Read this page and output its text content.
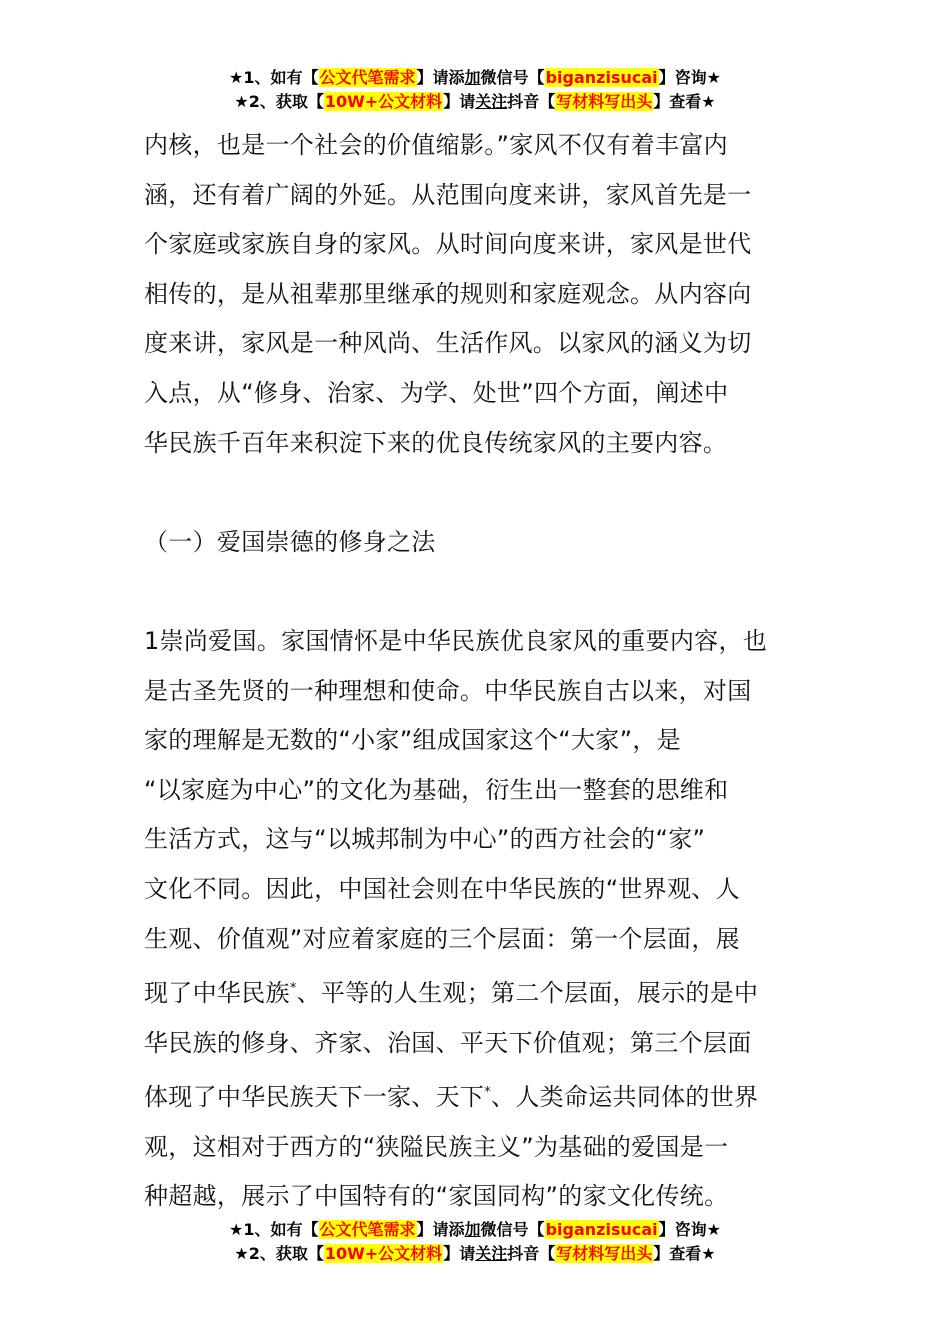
★1、如有【公文代笔需求】请添加微信号【biganzisucai】咨询★
★2、获取【10W+公文材料】请关注抖音【写材料写出头】查看★

内核，也是一个社会的价值缩影。”家风不仅有着丰富内

涵，还有着广阔的外延。从范围向度来讲，家风首先是一

个家庭或家族自身的家风。从时间向度来讲，家风是世代

相传的，是从祖辈那里继承的规则和家庭观念。从内容向

度来讲，家风是一种风尚、生活作风。以家风的涵义为切

入点，从“修身、治家、为学、处世”四个方面，阐述中

华民族千百年来积淀下来的优良传统家风的主要内容。

（一）爱国崇德的修身之法

1崇尚爱国。家国情怀是中华民族优良家风的重要内容，也

是古圣先贤的一种理想和使命。中华民族自古以来，对国

家的理解是无数的“小家”组成国家这个“大家”，是

“以家庭为中心”的文化为基础，衍生出一整套的思维和

生活方式，这与“以城邦制为中心”的西方社会的“家”

文化不同。因此，中国社会则在中华民族的“世界观、人

生观、价值观”对应着家庭的三个层面：第一个层面，展

现了中华民族*、平等的人生观；第二个层面，展示的是中

华民族的修身、齐家、治国、平天下价值观；第三个层面

体现了中华民族天下一家、天下*、人类命运共同体的世界

观，这相对于西方的“狭隘民族主义”为基础的爱国是一

种超越，展示了中国特有的“家国同构”的家文化传统。

★1、如有【公文代笔需求】请添加微信号【biganzisucai】咨询★
★2、获取【10W+公文材料】请关注抖音【写材料写出头】查看★
